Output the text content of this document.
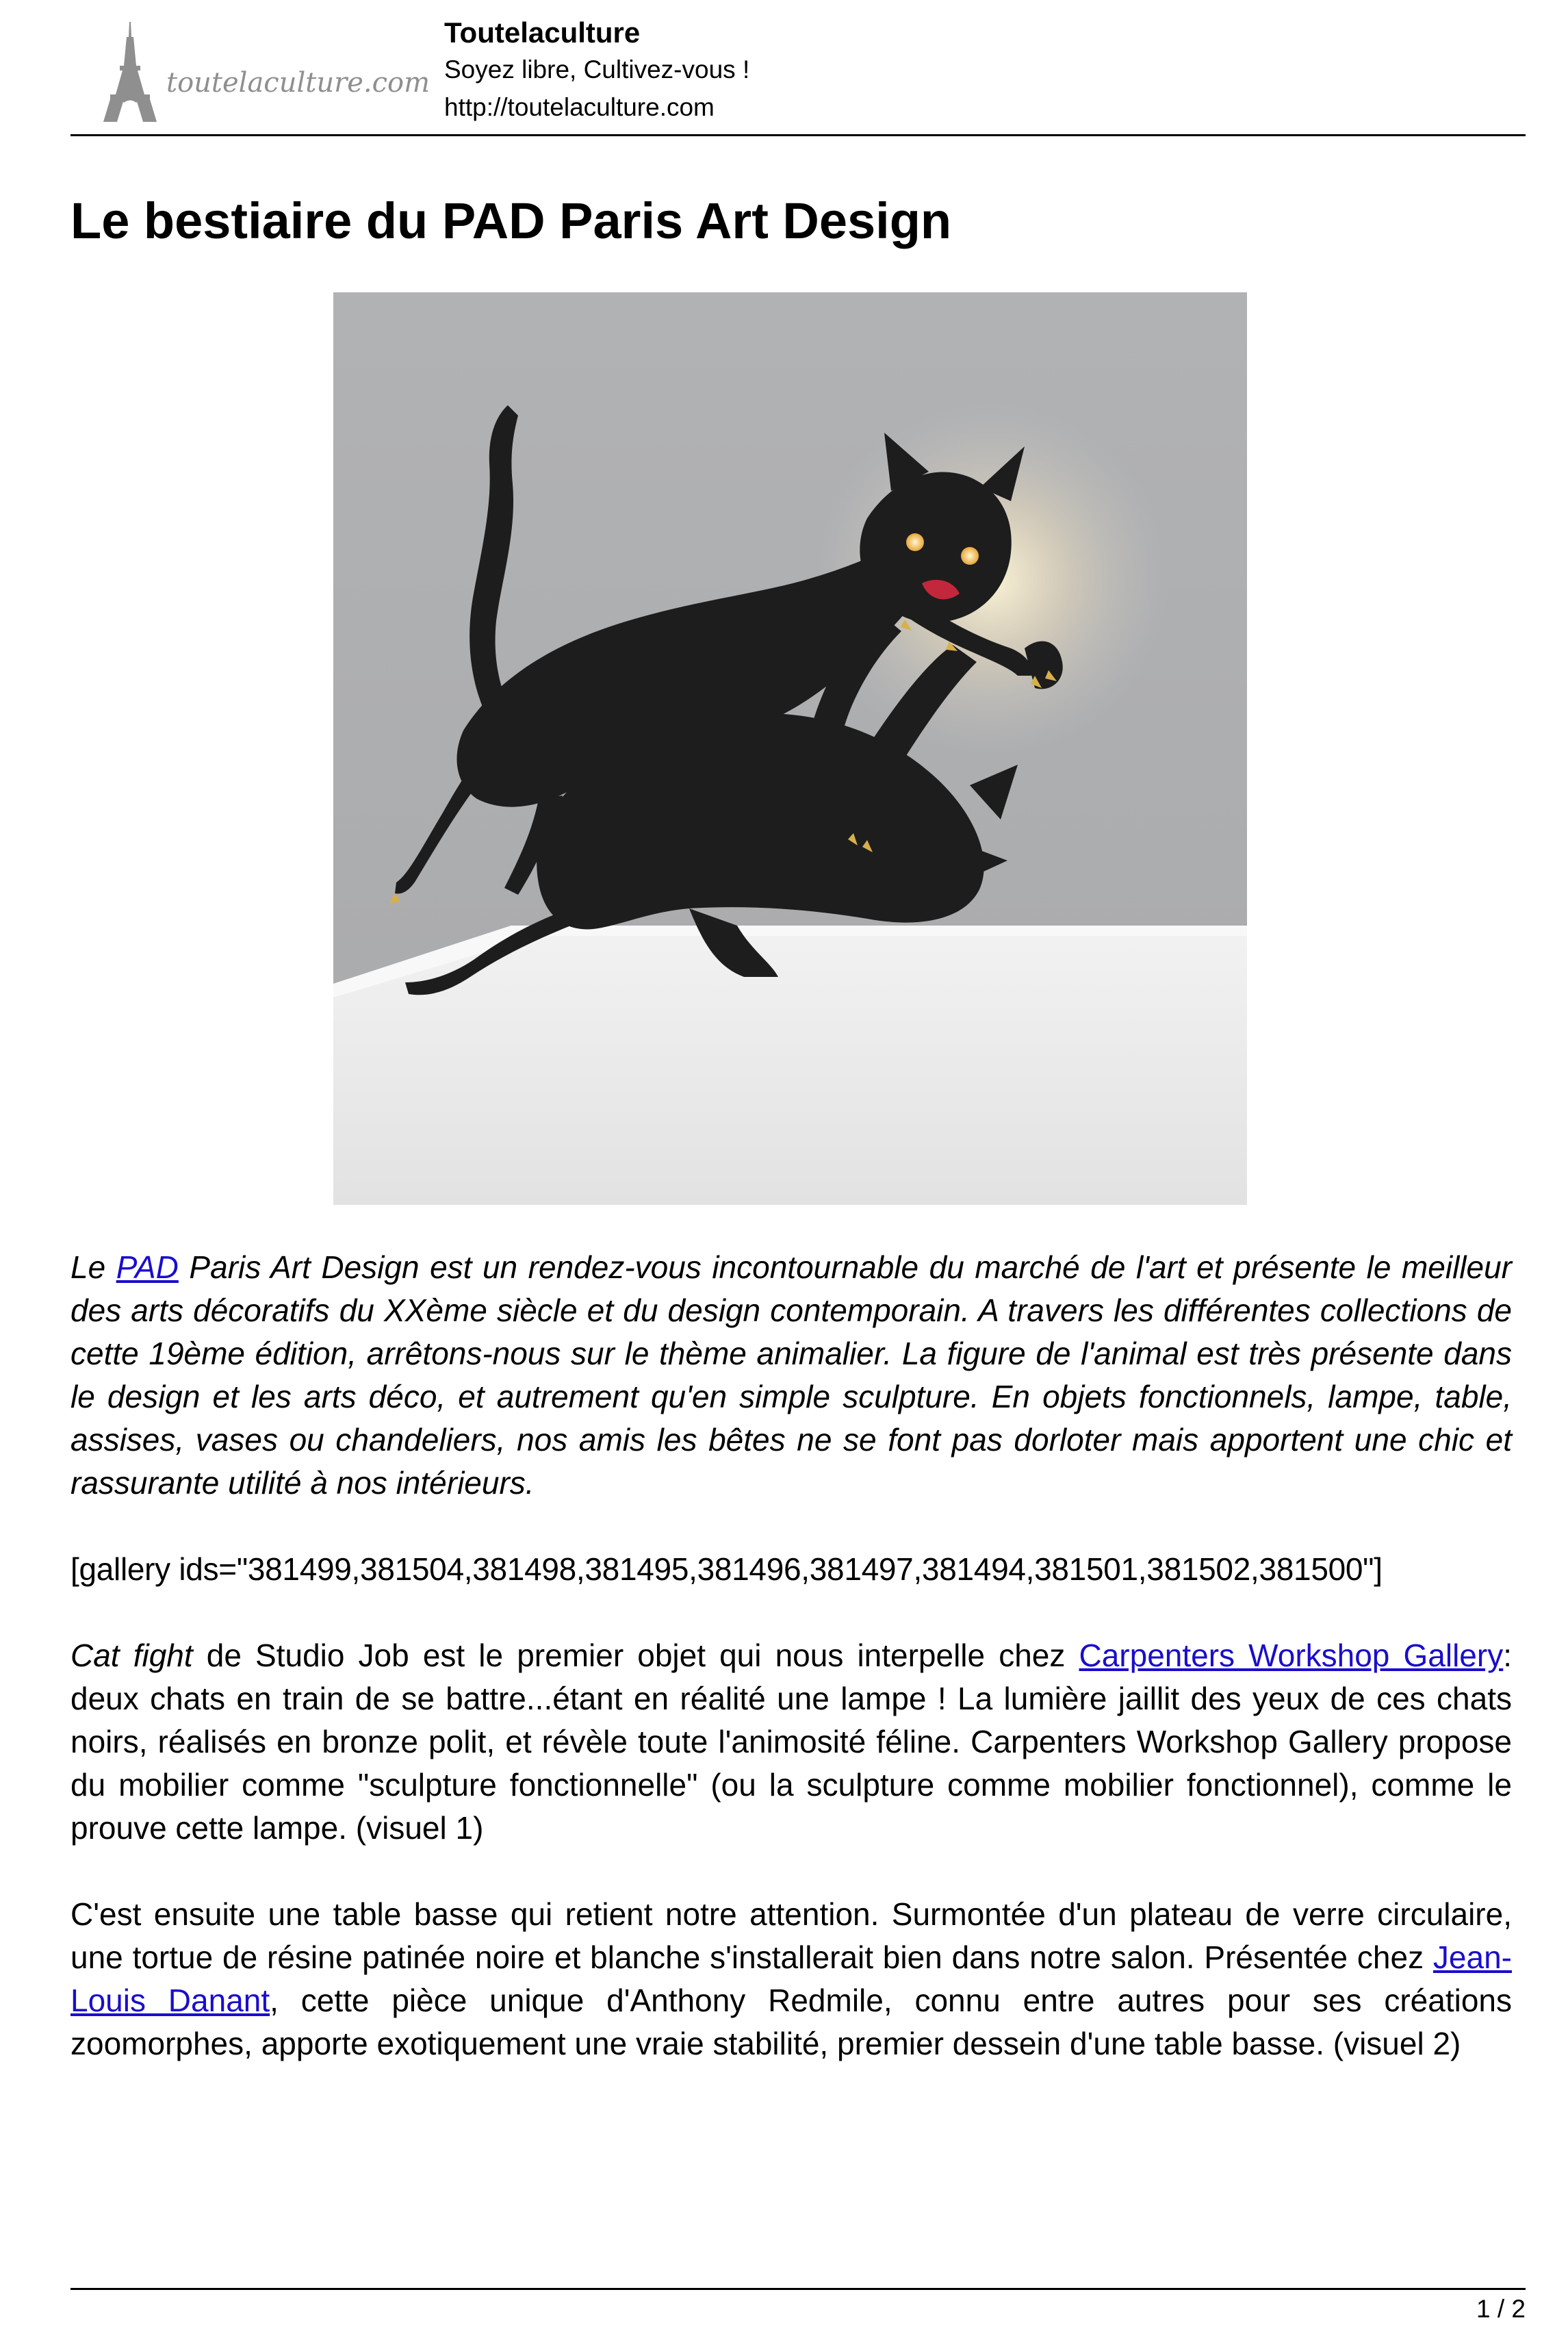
toutelaculture.com
Toutelaculture
Soyez libre, Cultivez-vous !
http://toutelaculture.com
Le bestiaire du PAD Paris Art Design

Le PAD Paris Art Design est un rendez-vous incontournable du marché de l'art et présente le meilleur des arts décoratifs du XXème siècle et du design contemporain. A travers les différentes collections de cette 19ème édition, arrêtons-nous sur le thème animalier. La figure de l'animal est très présente dans le design et les arts déco, et autrement qu'en simple sculpture. En objets fonctionnels, lampe, table, assises, vases ou chandeliers, nos amis les bêtes ne se font pas dorloter mais apportent une chic et rassurante utilité à nos intérieurs.

[gallery ids="381499,381504,381498,381495,381496,381497,381494,381501,381502,381500"]

Cat fight de Studio Job est le premier objet qui nous interpelle chez Carpenters Workshop Gallery: deux chats en train de se battre...étant en réalité une lampe ! La lumière jaillit des yeux de ces chats noirs, réalisés en bronze polit, et révèle toute l'animosité féline. Carpenters Workshop Gallery propose du mobilier comme "sculpture fonctionnelle" (ou la sculpture comme mobilier fonctionnel), comme le prouve cette lampe. (visuel 1)

C'est ensuite une table basse qui retient notre attention. Surmontée d'un plateau de verre circulaire, une tortue de résine patinée noire et blanche s'installerait bien dans notre salon. Présentée chez Jean-Louis Danant, cette pièce unique d'Anthony Redmile, connu entre autres pour ses créations zoomorphes, apporte exotiquement une vraie stabilité, premier dessein d'une table basse. (visuel 2)

1 / 2
